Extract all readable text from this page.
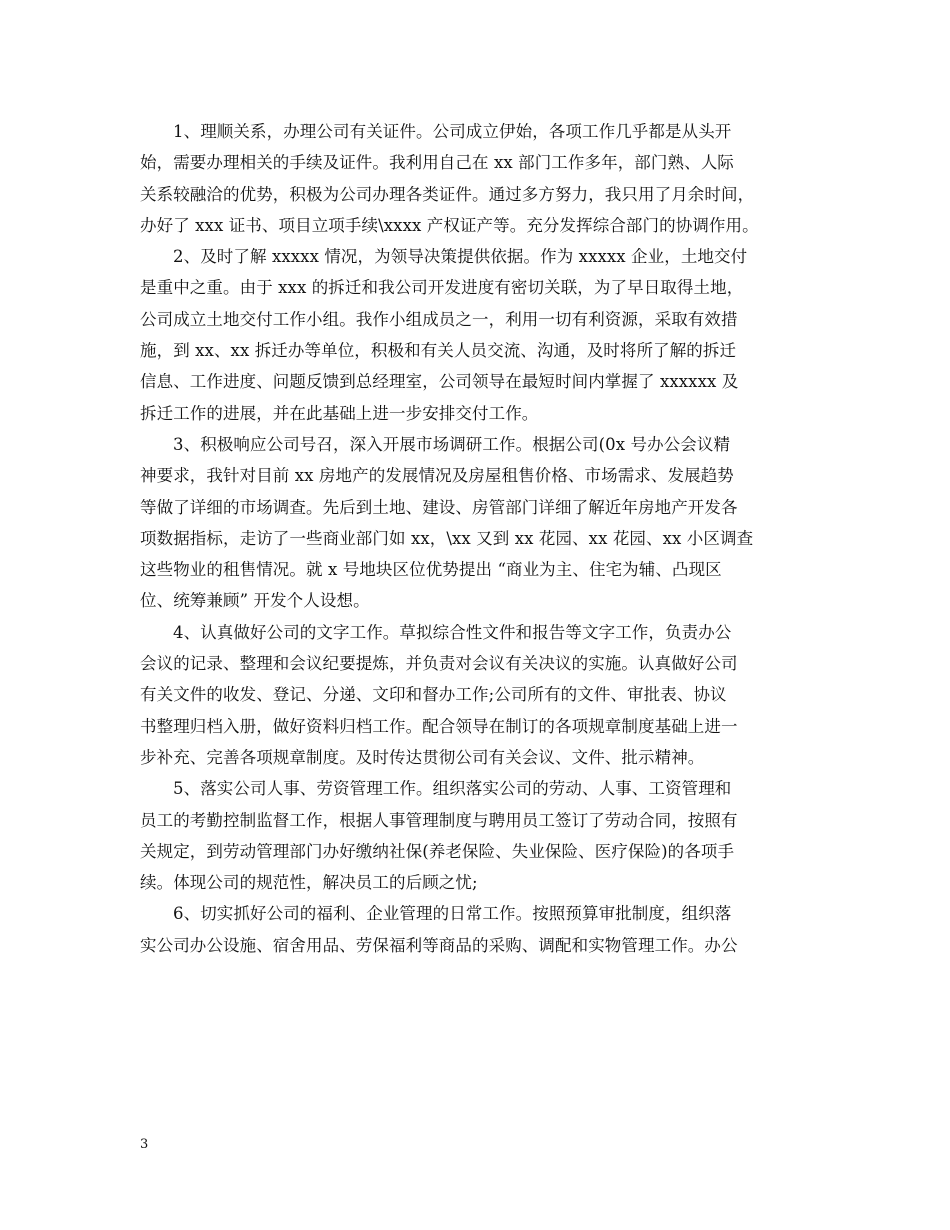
1、理顺关系，办理公司有关证件。公司成立伊始，各项工作几乎都是从头开
始，需要办理相关的手续及证件。我利用自己在 xx 部门工作多年，部门熟、人际
关系较融洽的优势，积极为公司办理各类证件。通过多方努力，我只用了月余时间，
办好了 xxx 证书、项目立项手续\xxxx 产权证产等。充分发挥综合部门的协调作用。
2、及时了解 xxxxx 情况，为领导决策提供依据。作为 xxxxx 企业，土地交付
是重中之重。由于 xxx 的拆迁和我公司开发进度有密切关联，为了早日取得土地，
公司成立土地交付工作小组。我作小组成员之一，利用一切有利资源，采取有效措
施，到 xx、xx 拆迁办等单位，积极和有关人员交流、沟通，及时将所了解的拆迁
信息、工作进度、问题反馈到总经理室，公司领导在最短时间内掌握了 xxxxxx 及
拆迁工作的进展，并在此基础上进一步安排交付工作。
3、积极响应公司号召，深入开展市场调研工作。根据公司(0x 号办公会议精
神要求，我针对目前 xx 房地产的发展情况及房屋租售价格、市场需求、发展趋势
等做了详细的市场调查。先后到土地、建设、房管部门详细了解近年房地产开发各
项数据指标，走访了一些商业部门如 xx，\xx 又到 xx 花园、xx 花园、xx 小区调查
这些物业的租售情况。就 x 号地块区位优势提出 “商业为主、住宅为辅、凸现区
位、统筹兼顾” 开发个人设想。
4、认真做好公司的文字工作。草拟综合性文件和报告等文字工作，负责办公
会议的记录、整理和会议纪要提炼，并负责对会议有关决议的实施。认真做好公司
有关文件的收发、登记、分递、文印和督办工作;公司所有的文件、审批表、协议
书整理归档入册，做好资料归档工作。配合领导在制订的各项规章制度基础上进一
步补充、完善各项规章制度。及时传达贯彻公司有关会议、文件、批示精神。
5、落实公司人事、劳资管理工作。组织落实公司的劳动、人事、工资管理和
员工的考勤控制监督工作，根据人事管理制度与聘用员工签订了劳动合同，按照有
关规定，到劳动管理部门办好缴纳社保(养老保险、失业保险、医疗保险)的各项手
续。体现公司的规范性，解决员工的后顾之忧;
6、切实抓好公司的福利、企业管理的日常工作。按照预算审批制度，组织落
实公司办公设施、宿舍用品、劳保福利等商品的采购、调配和实物管理工作。办公
3
